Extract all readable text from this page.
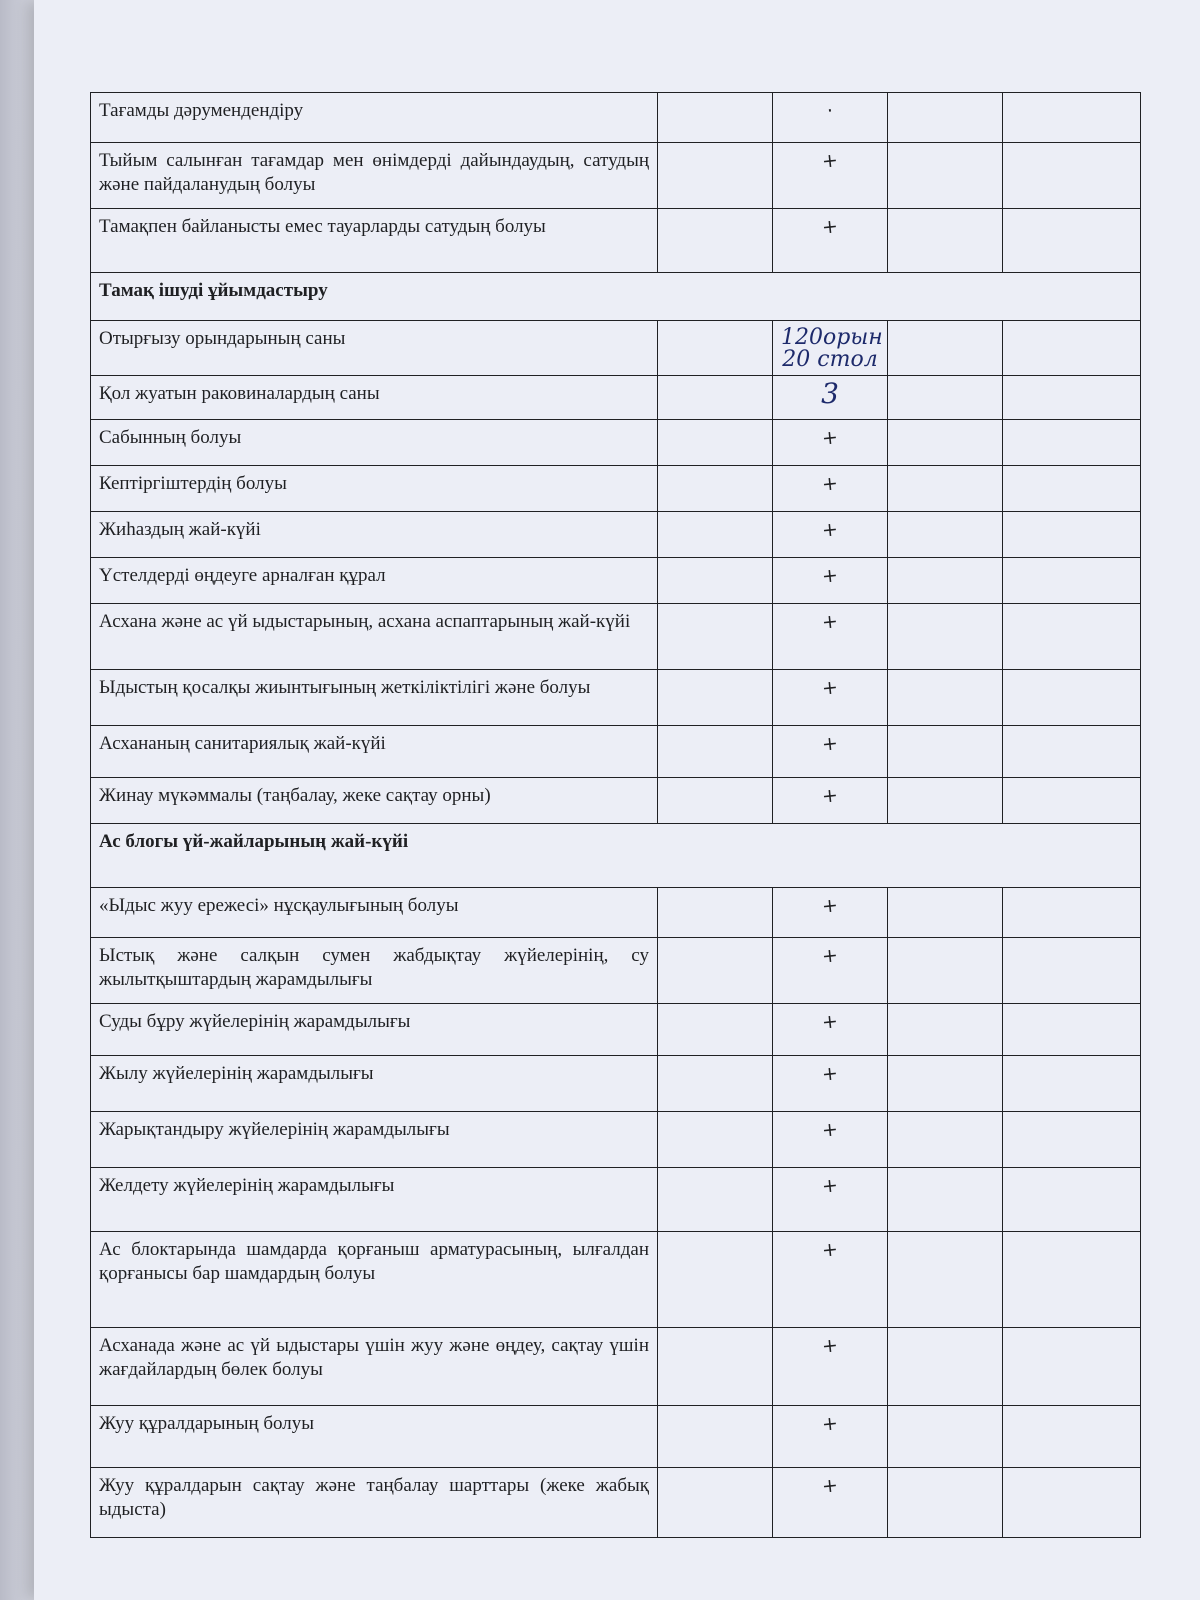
Тағамды дәрумендендіру		·		
Тыйым салынған тағамдар мен өнімдерді дайындаудың, сатудың және пайдаланудың болуы		+		
Тамақпен байланысты емес тауарларды сатудың болуы		+		
Тамақ ішуді ұйымдастыру				
Отырғызу орындарының саны		120орын
20 стол		

Қол жуатын раковиналардың саны		3		
Сабынның болуы		+		
Кептіргіштердің болуы		+		
Жиһаздың жай-күйі		+		
Үстелдерді өңдеуге арналған құрал		+		
Асхана және ас үй ыдыстарының, асхана аспаптарының жай-күйі		+		
Ыдыстың қосалқы жиынтығының жеткіліктілігі және болуы		+		
Асхананың санитариялық жай-күйі		+		
Жинау мүкәммалы (таңбалау, жеке сақтау орны)		+		
Ас блогы үй-жайларының жай-күйі				
«Ыдыс жуу ережесі» нұсқаулығының болуы		+		
Ыстық және салқын сумен жабдықтау жүйелерінің, су жылытқыштардың жарамдылығы		+		
Суды бұру жүйелерінің жарамдылығы		+		
Жылу жүйелерінің жарамдылығы		+		
Жарықтандыру жүйелерінің жарамдылығы		+		
Желдету жүйелерінің жарамдылығы		+		
Ас блоктарында шамдарда қорғаныш арматурасының, ылғалдан қорғанысы бар шамдардың болуы		+		
Асханада және ас үй ыдыстары үшін жуу және өңдеу, сақтау үшін жағдайлардың бөлек болуы		+		
Жуу құралдарының болуы		+		
Жуу құралдарын сақтау және таңбалау шарттары (жеке жабық ыдыста)		+		
